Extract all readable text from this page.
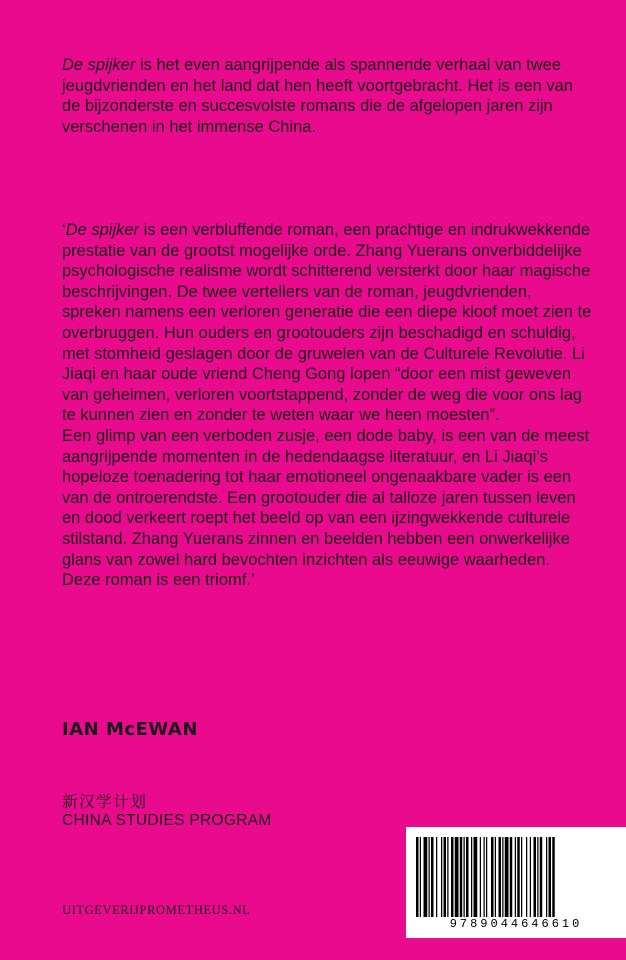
De spijker is het even aangrijpende als spannende verhaal van twee jeugdvrienden en het land dat hen heeft voortgebracht. Het is een van de bijzonderste en succesvolste romans die de afgelopen jaren zijn verschenen in het immense China.

‘De spijker is een verbluffende roman, een prachtige en indrukwekkende prestatie van de grootst mogelijke orde. Zhang Yuerans onverbiddelijke psychologische realisme wordt schitterend versterkt door haar magische beschrijvingen. De twee vertellers van de roman, jeugdvrienden, spreken namens een verloren generatie die een diepe kloof moet zien te overbruggen. Hun ouders en grootouders zijn beschadigd en schuldig, met stomheid geslagen door de gruwelen van de Culturele Revolutie. Li Jiaqi en haar oude vriend Cheng Gong lopen “door een mist geweven van geheimen, verloren voortstappend, zonder de weg die voor ons lag te kunnen zien en zonder te weten waar we heen moesten”.

Een glimp van een verboden zusje, een dode baby, is een van de meest aangrijpende momenten in de hedendaagse literatuur, en Li Jiaqi’s hopeloze toenadering tot haar emotioneel ongenaakbare vader is een van de ontroerendste. Een grootouder die al talloze jaren tussen leven en dood verkeert roept het beeld op van een ijzingwekkende culturele stilstand. Zhang Yuerans zinnen en beelden hebben een onwerkelijke glans van zowel hard bevochten inzichten als eeuwige waarheden. Deze roman is een triomf.’

IAN McEWAN
新汉学计划
CHINA STUDIES PROGRAM
UITGEVERIJPROMETHEUS.NL
9789044646610
